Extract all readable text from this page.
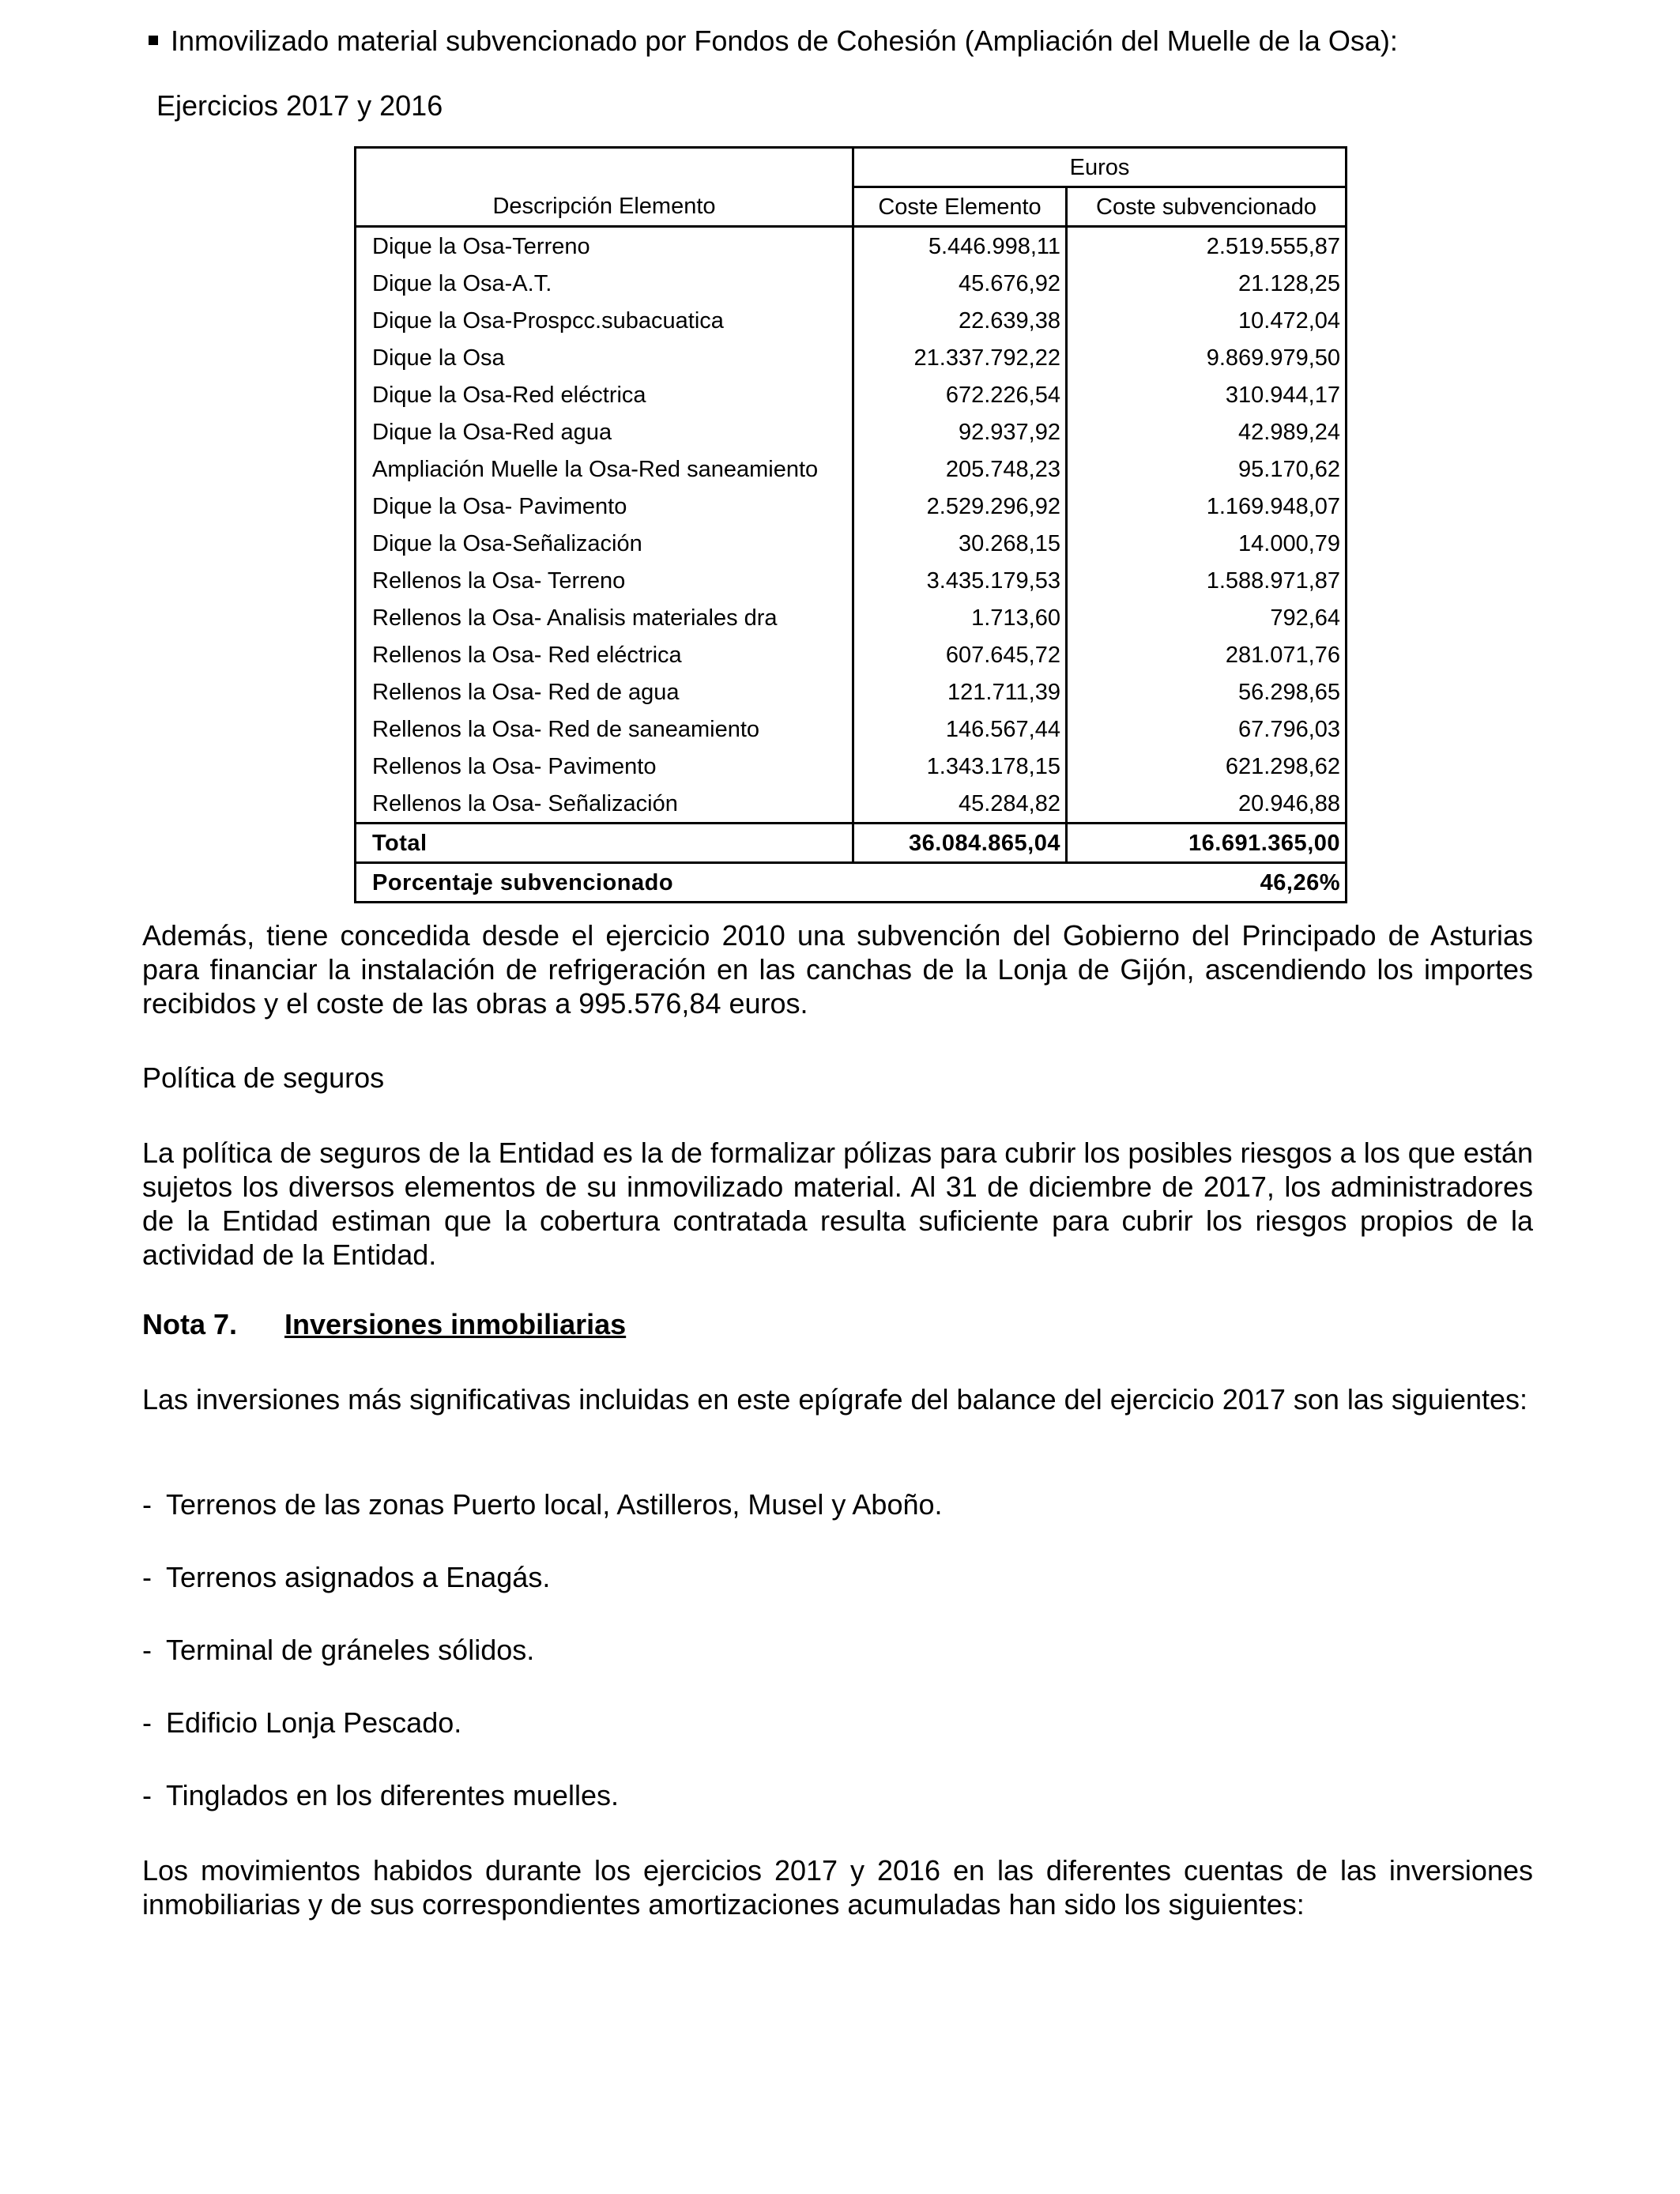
Inmovilizado material subvencionado por Fondos de Cohesión (Ampliación del Muelle de la Osa):
Ejercicios 2017 y 2016
	Euros	
Descripción Elemento	Coste Elemento	Coste subvencionado
Dique la Osa-Terreno	5.446.998,11	2.519.555,87
Dique la Osa-A.T.	45.676,92	21.128,25
Dique la Osa-Prospcc.subacuatica	22.639,38	10.472,04
Dique la Osa	21.337.792,22	9.869.979,50
Dique la Osa-Red eléctrica	672.226,54	310.944,17
Dique la Osa-Red agua	92.937,92	42.989,24
Ampliación Muelle la Osa-Red saneamiento	205.748,23	95.170,62
Dique la Osa- Pavimento	2.529.296,92	1.169.948,07
Dique la Osa-Señalización	30.268,15	14.000,79
Rellenos la Osa- Terreno	3.435.179,53	1.588.971,87
Rellenos la Osa- Analisis materiales dra	1.713,60	792,64
Rellenos la Osa- Red eléctrica	607.645,72	281.071,76
Rellenos la Osa- Red de agua	121.711,39	56.298,65
Rellenos la Osa- Red de saneamiento	146.567,44	67.796,03
Rellenos la Osa- Pavimento	1.343.178,15	621.298,62
Rellenos la Osa- Señalización	45.284,82	20.946,88
Total	36.084.865,04	16.691.365,00
Porcentaje subvencionado		46,26%
Además, tiene concedida desde el ejercicio 2010 una subvención del Gobierno del Principado de Asturias para financiar la instalación de refrigeración en las canchas de la Lonja de Gijón, ascendiendo los importes recibidos y el coste de las obras a 995.576,84 euros.
Política de seguros
La política de seguros de la Entidad es la de formalizar pólizas para cubrir los posibles riesgos a los que están sujetos los diversos elementos de su inmovilizado material. Al 31 de diciembre de 2017, los administradores de la Entidad estiman que la cobertura contratada resulta suficiente para cubrir los riesgos propios de la actividad de la Entidad.
Nota 7. Inversiones inmobiliarias
Las inversiones más significativas incluidas en este epígrafe del balance del ejercicio 2017 son las siguientes:
- Terrenos de las zonas Puerto local, Astilleros, Musel y Aboño.
- Terrenos asignados a Enagás.
- Terminal de gráneles sólidos.
- Edificio Lonja Pescado.
- Tinglados en los diferentes muelles.
Los movimientos habidos durante los ejercicios 2017 y 2016 en las diferentes cuentas de las inversiones inmobiliarias y de sus correspondientes amortizaciones acumuladas han sido los siguientes:
